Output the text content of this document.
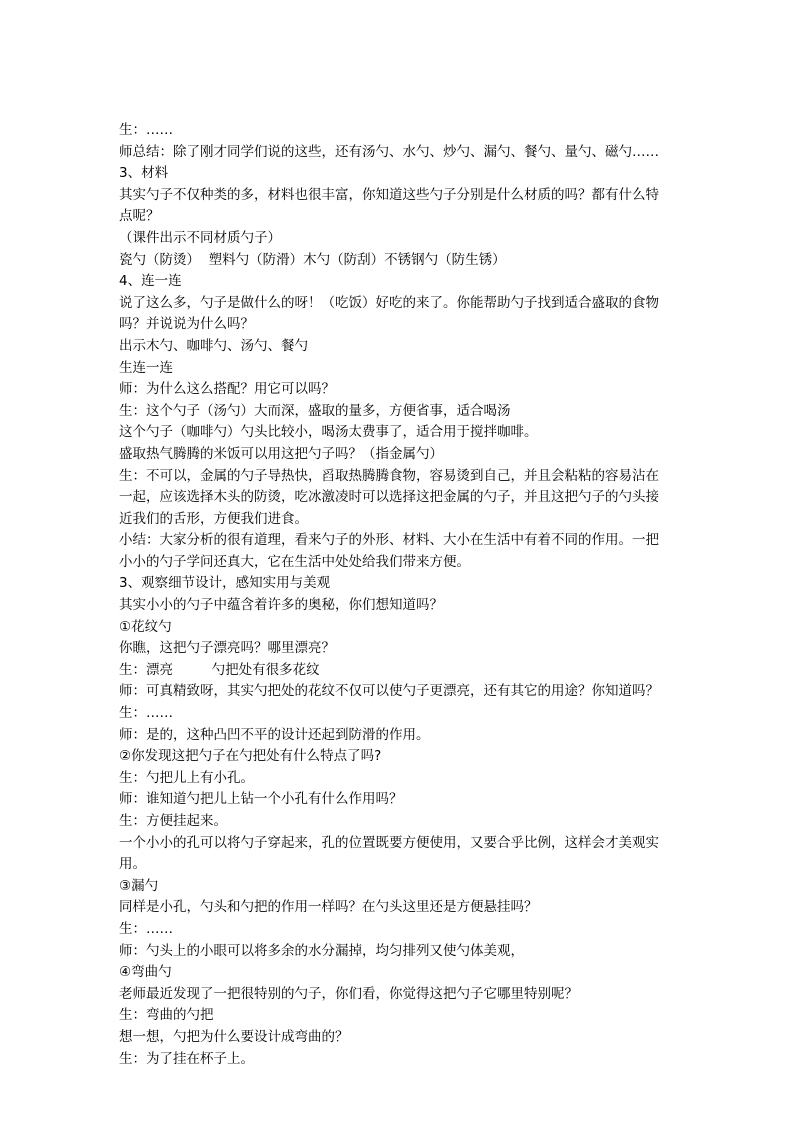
生：……

师总结：除了刚才同学们说的这些，还有汤勺、水勺、炒勺、漏勺、餐勺、量勺、磁勺……

3、材料

其实勺子不仅种类的多，材料也很丰富，你知道这些勺子分别是什么材质的吗？都有什么特

点呢？

（课件出示不同材质勺子）

瓷勺（防烫）  塑料勺（防滑）木勺（防刮）不锈钢勺（防生锈）

4、连一连

说了这么多，勺子是做什么的呀！（吃饭）好吃的来了。你能帮助勺子找到适合盛取的食物

吗？并说说为什么吗？

出示木勺、咖啡勺、汤勺、餐勺

生连一连

师：为什么这么搭配？用它可以吗？

生：这个勺子（汤勺）大而深，盛取的量多，方便省事，适合喝汤

这个勺子（咖啡勺）勺头比较小，喝汤太费事了，适合用于搅拌咖啡。

盛取热气腾腾的米饭可以用这把勺子吗？（指金属勺）

生：不可以，金属的勺子导热快，舀取热腾腾食物，容易烫到自己，并且会粘粘的容易沾在

一起，应该选择木头的防烫，吃冰激凌时可以选择这把金属的勺子，并且这把勺子的勺头接

近我们的舌形，方便我们进食。

小结：大家分析的很有道理，看来勺子的外形、材料、大小在生活中有着不同的作用。一把

小小的勺子学问还真大，它在生活中处处给我们带来方便。

3、观察细节设计，感知实用与美观

其实小小的勺子中蕴含着许多的奥秘，你们想知道吗？

①花纹勺

你瞧，这把勺子漂亮吗？哪里漂亮？

生：漂亮         勺把处有很多花纹

师：可真精致呀，其实勺把处的花纹不仅可以使勺子更漂亮，还有其它的用途？你知道吗？

生：……

师：是的，这种凸凹不平的设计还起到防滑的作用。

②你发现这把勺子在勺把处有什么特点了吗?

生：勺把儿上有小孔。

师：谁知道勺把儿上钻一个小孔有什么作用吗？

生：方便挂起来。

一个小小的孔可以将勺子穿起来，孔的位置既要方便使用，又要合乎比例，这样会才美观实

用。

③漏勺

同样是小孔，勺头和勺把的作用一样吗？在勺头这里还是方便悬挂吗？

生：……

师：勺头上的小眼可以将多余的水分漏掉，均匀排列又使勺体美观，

④弯曲勺

老师最近发现了一把很特别的勺子，你们看，你觉得这把勺子它哪里特别呢？

生：弯曲的勺把

想一想，勺把为什么要设计成弯曲的？

生：为了挂在杯子上。
